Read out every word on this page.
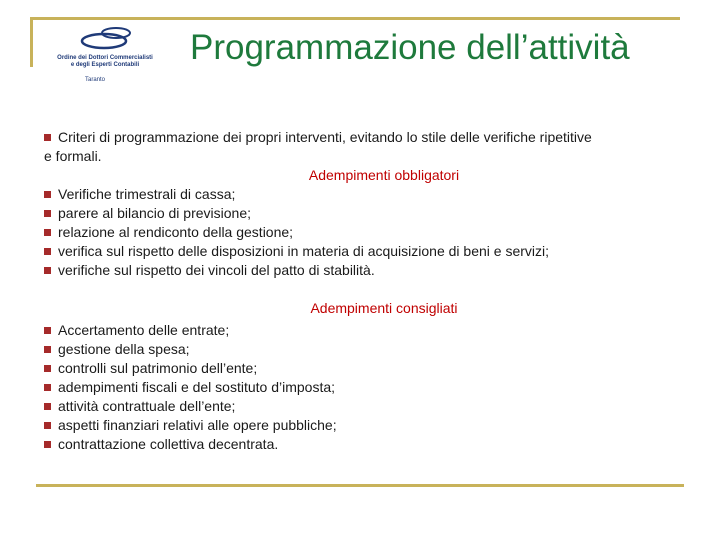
Ordine dei Dottori Commercialisti
e degli Esperti Contabili
Taranto
Programmazione dell’attività
Criteri di programmazione dei propri interventi, evitando lo stile delle verifiche ripetitive
e formali.
Adempimenti obbligatori
Verifiche trimestrali di cassa;
parere al bilancio di previsione;
relazione al rendiconto della gestione;
verifica sul rispetto delle disposizioni in materia di acquisizione di beni e servizi;
verifiche sul rispetto dei vincoli del patto di stabilità.
Adempimenti consigliati
Accertamento delle entrate;
gestione della spesa;
controlli sul patrimonio dell’ente;
adempimenti fiscali e del sostituto d’imposta;
attività contrattuale dell’ente;
aspetti finanziari relativi alle opere pubbliche;
contrattazione collettiva decentrata.
